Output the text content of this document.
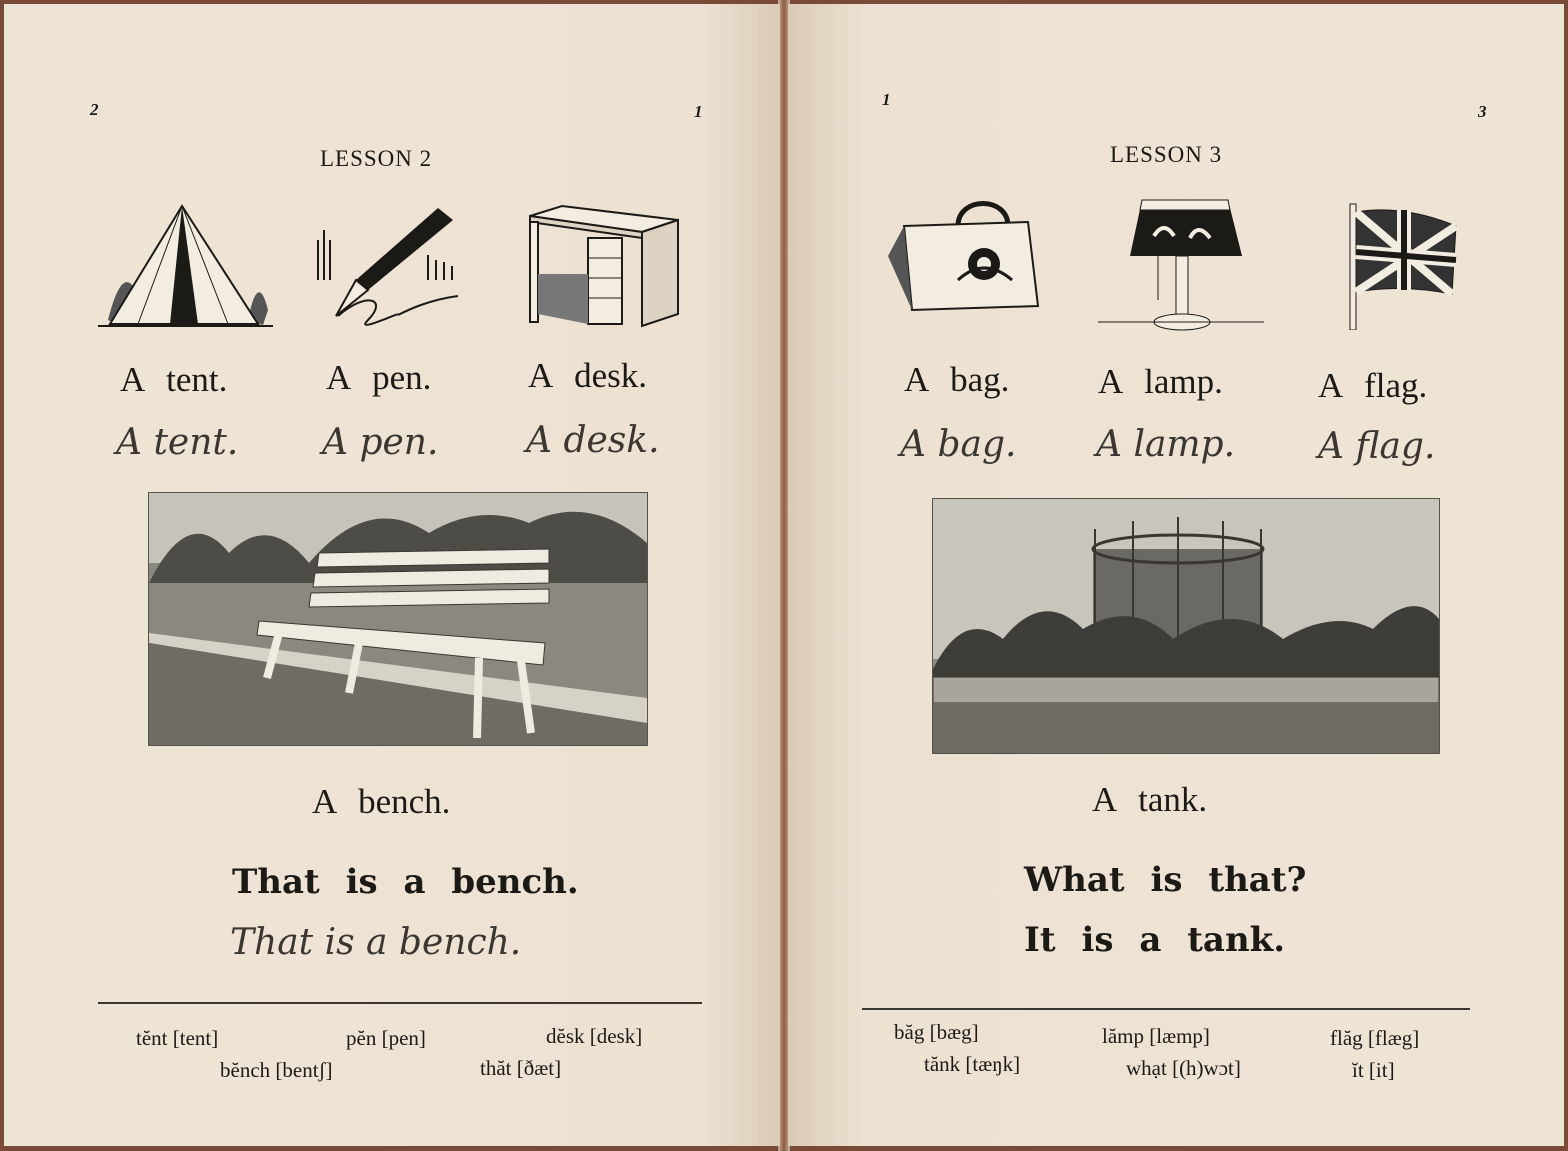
2	1
LESSON 2
A tent.	A pen.	A desk.
A tent. A pen. A desk.
A bench.
That is a bench.
That is a bench.
tĕnt [tent]	pĕn [pen]	dĕsk [desk]
bĕnch [bentʃ]	thăt [ðæt]
1
3
LESSON 3
A bag.	A lamp.	A flag.
A bag. A lamp. A flag.
A tank.
What is that?
It is a tank.
băg [bæg]	lămp [læmp]	flăg [flæg]
tănk [tæŋk]	whạt [(h)wɔt]	ĭt [it]
